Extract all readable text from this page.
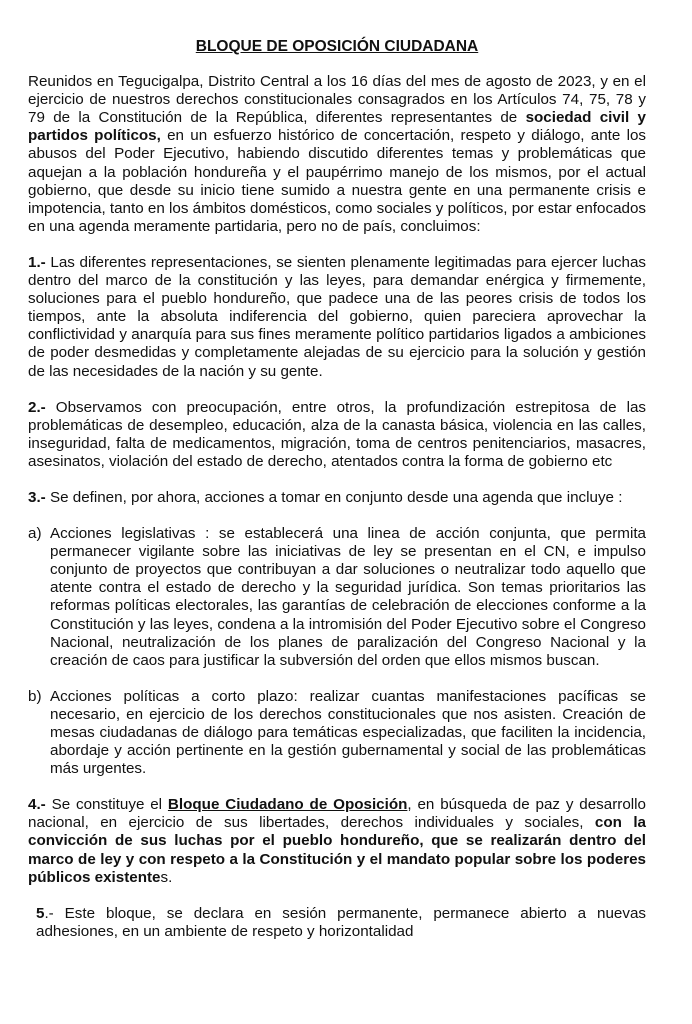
BLOQUE DE OPOSICIÓN CIUDADANA

Reunidos en Tegucigalpa, Distrito Central a los 16 días del mes de agosto de 2023, y en el ejercicio de nuestros derechos constitucionales consagrados en los Artículos 74, 75, 78 y 79 de la Constitución de la República, diferentes representantes de sociedad civil y partidos políticos, en un esfuerzo histórico de concertación, respeto y diálogo, ante los abusos del Poder Ejecutivo, habiendo discutido diferentes temas y problemáticas que aquejan a la población hondureña y el paupérrimo manejo de los mismos, por el actual gobierno, que desde su inicio tiene sumido a nuestra gente en una permanente crisis e impotencia, tanto en los ámbitos domésticos, como sociales y políticos, por estar enfocados en una agenda meramente partidaria, pero no de país, concluimos:

1.- Las diferentes representaciones, se sienten plenamente legitimadas para ejercer luchas dentro del marco de la constitución y las leyes, para demandar enérgica y firmemente, soluciones para el pueblo hondureño, que padece una de las peores crisis de todos los tiempos, ante la absoluta indiferencia del gobierno, quien pareciera aprovechar la conflictividad y anarquía para sus fines meramente político partidarios ligados a ambiciones de poder desmedidas y completamente alejadas de su ejercicio para la solución y gestión de las necesidades de la nación y su gente.

2.- Observamos con preocupación, entre otros, la profundización estrepitosa de las problemáticas de desempleo, educación, alza de la canasta básica, violencia en las calles, inseguridad, falta de medicamentos, migración, toma de centros penitenciarios, masacres, asesinatos, violación del estado de derecho, atentados contra la forma de gobierno etc

3.- Se definen, por ahora, acciones a tomar en conjunto desde una agenda que incluye :

a) Acciones legislativas : se establecerá una linea de acción conjunta, que permita permanecer vigilante sobre las iniciativas de ley se presentan en el CN, e impulso conjunto de proyectos que contribuyan a dar soluciones o neutralizar todo aquello que atente contra el estado de derecho y la seguridad jurídica. Son temas prioritarios las reformas políticas electorales, las garantías de celebración de elecciones conforme a la Constitución y las leyes, condena a la intromisión del Poder Ejecutivo sobre el Congreso Nacional, neutralización de los planes de paralización del Congreso Nacional y la creación de caos para justificar la subversión del orden que ellos mismos buscan.
b) Acciones políticas a corto plazo: realizar cuantas manifestaciones pacíficas se necesario, en ejercicio de los derechos constitucionales que nos asisten. Creación de mesas ciudadanas de diálogo para temáticas especializadas, que faciliten la incidencia, abordaje y acción pertinente en la gestión gubernamental y social de las problemáticas más urgentes.

4.- Se constituye el Bloque Ciudadano de Oposición, en búsqueda de paz y desarrollo nacional, en ejercicio de sus libertades, derechos individuales y sociales, con la convicción de sus luchas por el pueblo hondureño, que se realizarán dentro del marco de ley y con respeto a la Constitución y el mandato popular sobre los poderes públicos existentes.

5.- Este bloque, se declara en sesión permanente, permanece abierto a nuevas adhesiones, en un ambiente de respeto y horizontalidad
